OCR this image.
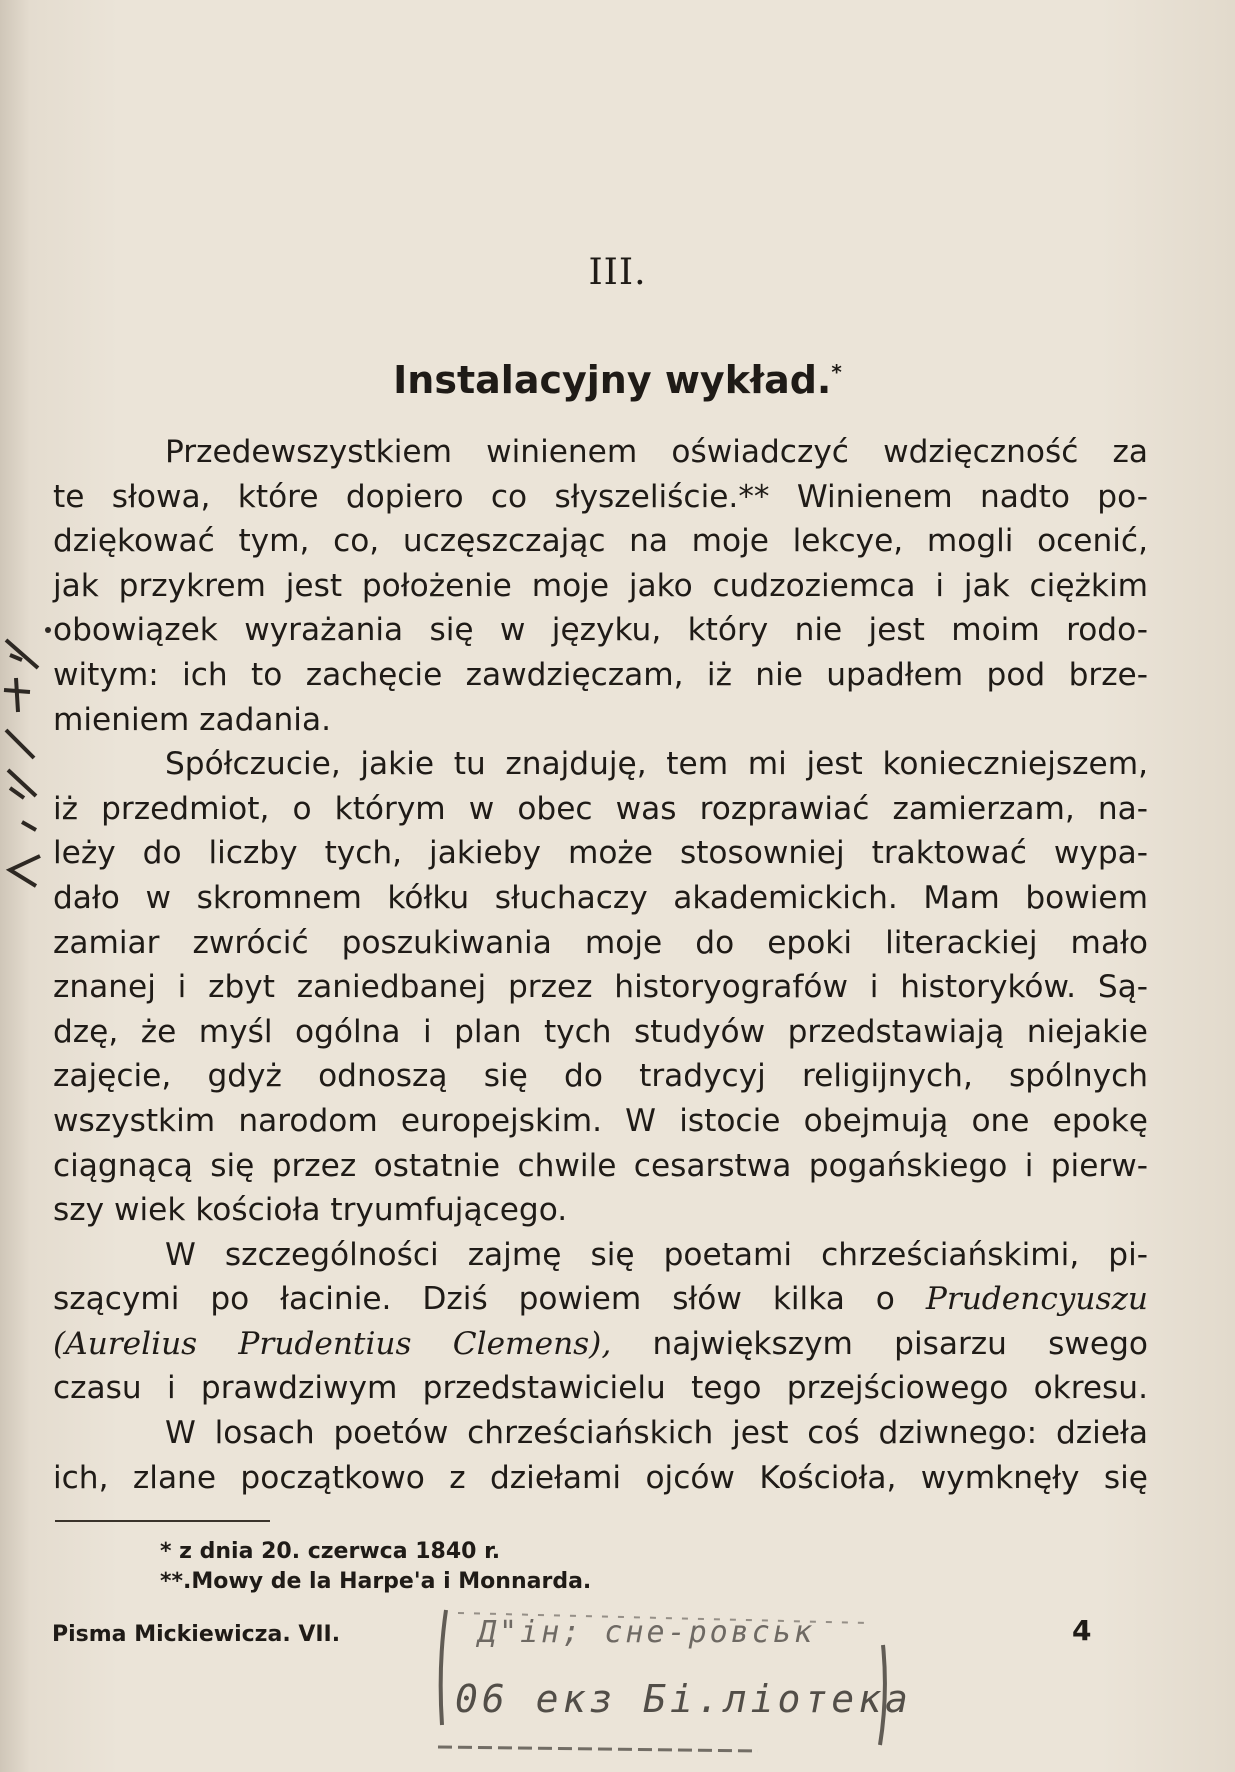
III.
Instalacyjny wykład.*
Przedewszystkiem winienem oświadczyć wdzięczność za
te słowa, które dopiero co słyszeliście.** Winienem nadto po-
dziękować tym, co, uczęszczając na moje lekcye, mogli ocenić,
jak przykrem jest położenie moje jako cudzoziemca i jak ciężkim
obowiązek wyrażania się w języku, który nie jest moim rodo-
witym: ich to zachęcie zawdzięczam, iż nie upadłem pod brze-
mieniem zadania.
Spółczucie, jakie tu znajduję, tem mi jest konieczniejszem,
iż przedmiot, o którym w obec was rozprawiać zamierzam, na-
leży do liczby tych, jakieby może stosowniej traktować wypa-
dało w skromnem kółku słuchaczy akademickich. Mam bowiem
zamiar zwrócić poszukiwania moje do epoki literackiej mało
znanej i zbyt zaniedbanej przez historyografów i historyków. Są-
dzę, że myśl ogólna i plan tych studyów przedstawiają niejakie
zajęcie, gdyż odnoszą się do tradycyj religijnych, spólnych
wszystkim narodom europejskim. W istocie obejmują one epokę
ciągnącą się przez ostatnie chwile cesarstwa pogańskiego i pierw-
szy wiek kościoła tryumfującego.
W szczególności zajmę się poetami chrześciańskimi, pi-
szącymi po łacinie. Dziś powiem słów kilka o Prudencyuszu
(Aurelius Prudentius Clemens), największym pisarzu swego
czasu i prawdziwym przedstawicielu tego przejściowego okresu.
W losach poetów chrześciańskich jest coś dziwnego: dzieła
ich, zlane początkowo z dziełami ojców Kościoła, wymknęły się
* z dnia 20. czerwca 1840 r.
**.Mowy de la Harpe'a i Monnarda.
Pisma Mickiewicza. VII.	4
Д"ін; сне-ровськ
06 екз Бі.ліотека
